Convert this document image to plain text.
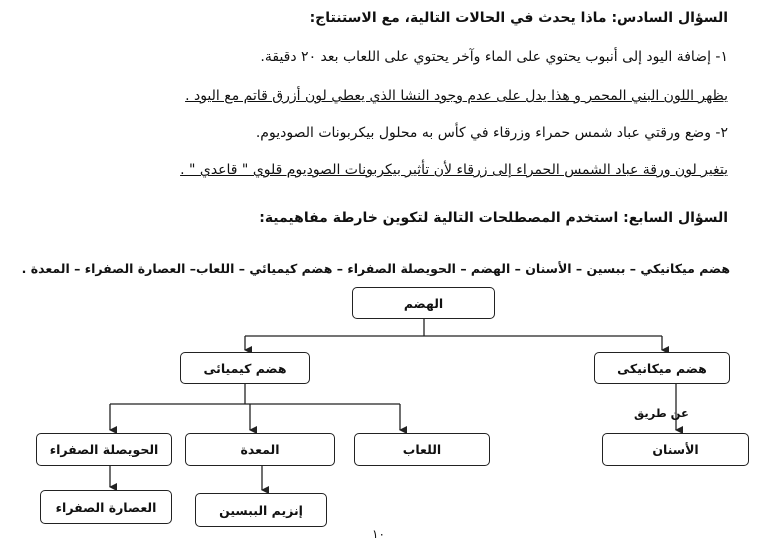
السؤال السادس: ماذا يحدث في الحالات التالية، مع الاستنتاج:
١- إضافة اليود إلى أنبوب يحتوي على الماء وآخر يحتوي على اللعاب بعد ٢٠ دقيقة.
يظهر اللون البني المحمر و هذا يدل على عدم وجود النشا الذي يعطي لون أزرق قاتم مع اليود .
٢- وضع ورقتي عباد شمس حمراء وزرقاء في كأس به محلول بيكربونات الصوديوم.
يتغير لون ورقة عباد الشمس الحمراء إلى زرقاء لأن تأثير بيكربونات الصوديوم قلوي " قاعدي " .
السؤال السابع: استخدم المصطلحات التالية لتكوين خارطة مفاهيمية:
هضم ميكانيكي – ببسين – الأسنان – الهضم – الحويصلة الصفراء – هضم كيميائي – اللعاب– العصارة الصفراء – المعدة .
الهضم
هضم كيميائى	هضم ميكانيكى
عن طريق
الأسنان
اللعاب
المعدة
الحويصلة الصفراء
العصارة الصفراء	إنزيم الببسين
١٠
